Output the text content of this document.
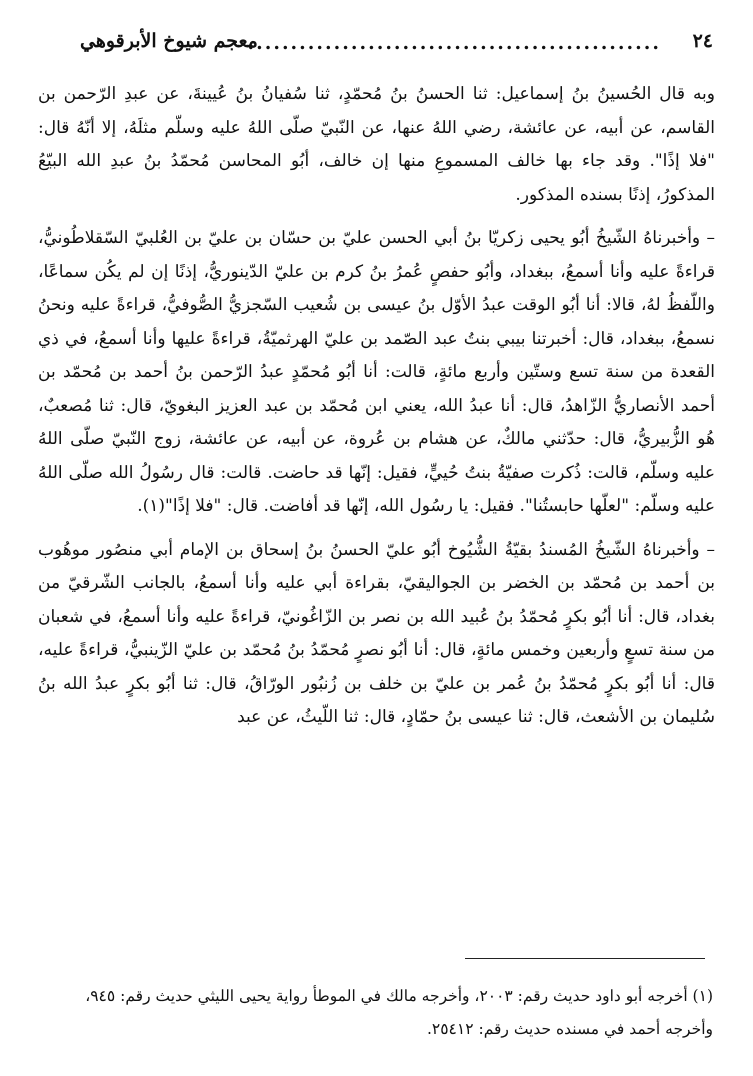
٢٤
................................................
معجم شيوخ الأبرقوهي

وبه قال الحُسينُ بنُ إسماعيل: ثنا الحسنُ بنُ مُحمّدٍ، ثنا سُفيانُ بنُ عُيينةَ، عن عبدِ الرّحمن بن القاسم، عن أبيه، عن عائشة، رضي اللهُ عنها، عن النّبيّ صلّى اللهُ عليه وسلّم مثلَهُ، إلا أنّهُ قال: "فلا إذًا". وقد جاء بها خالف المسموعِ منها إن خالف، أبُو المحاسن مُحمّدُ بنُ عبدِ الله البيّعُ المذكورُ، إذنًا بسنده المذكور.

– وأخبرناهُ الشّيخُ أبُو يحيى زكريّا بنُ أبي الحسن عليّ بن حسّان بن عليّ بن العُلبيّ السّقلاطُونيُّ، قراءةً عليه وأنا أسمعُ، ببغداد، وأبُو حفصٍ عُمرُ بنُ كرم بن عليّ الدّينوريُّ، إذنًا إن لم يكُن سماعًا، واللّفظُ لهُ، قالا: أنا أبُو الوقت عبدُ الأوّل بنُ عيسى بن شُعيب السّجزيُّ الصُّوفيُّ، قراءةً عليه ونحنُ نسمعُ، ببغداد، قال: أخبرتنا بيبي بنتُ عبد الصّمد بن عليّ الهرثميّةُ، قراءةً عليها وأنا أسمعُ، في ذي القعدة من سنة تسع وستّين وأربع مائةٍ، قالت: أنا أبُو مُحمّدٍ عبدُ الرّحمن بنُ أحمد بن مُحمّد بن أحمد الأنصاريُّ الزّاهدُ، قال: أنا عبدُ الله، يعني ابن مُحمّد بن عبد العزيز البغويّ، قال: ثنا مُصعبٌ، هُو الزُّبيريُّ، قال: حدّثني مالكٌ، عن هشام بن عُروة، عن أبيه، عن عائشة، زوج النّبيّ صلّى اللهُ عليه وسلّم، قالت: ذُكرت صفيّةُ بنتُ حُييٍّ، فقيل: إنّها قد حاضت. قالت: قال رسُولُ الله صلّى اللهُ عليه وسلّم: "لعلّها حابستُنا". فقيل: يا رسُول الله، إنّها قد أفاضت. قال: "فلا إذًا"(١).

– وأخبرناهُ الشّيخُ المُسندُ بقيّةُ الشُّيُوخ أبُو عليّ الحسنُ بنُ إسحاق بن الإمام أبي منصُور موهُوب بن أحمد بن مُحمّد بن الخضر بن الجواليقيّ، بقراءة أبي عليه وأنا أسمعُ، بالجانب الشّرقيّ من بغداد، قال: أنا أبُو بكرٍ مُحمّدُ بنُ عُبيد الله بن نصر بن الزّاغُونيّ، قراءةً عليه وأنا أسمعُ، في شعبان من سنة تسعٍ وأربعين وخمس مائةٍ، قال: أنا أبُو نصرٍ مُحمّدُ بنُ مُحمّد بن عليّ الزّينبيُّ، قراءةً عليه، قال: أنا أبُو بكرٍ مُحمّدُ بنُ عُمر بن عليّ بن خلف بن زُنبُور الورّاقُ، قال: ثنا أبُو بكرٍ عبدُ الله بنُ سُليمان بن الأشعث، قال: ثنا عيسى بنُ حمّادٍ، قال: ثنا اللّيثُ، عن عبد

(١) أخرجه أبو داود حديث رقم: ٢٠٠٣، وأخرجه مالك في الموطأ رواية يحيى الليثي حديث رقم: ٩٤٥،

وأخرجه أحمد في مسنده حديث رقم: ٢٥٤١٢.
